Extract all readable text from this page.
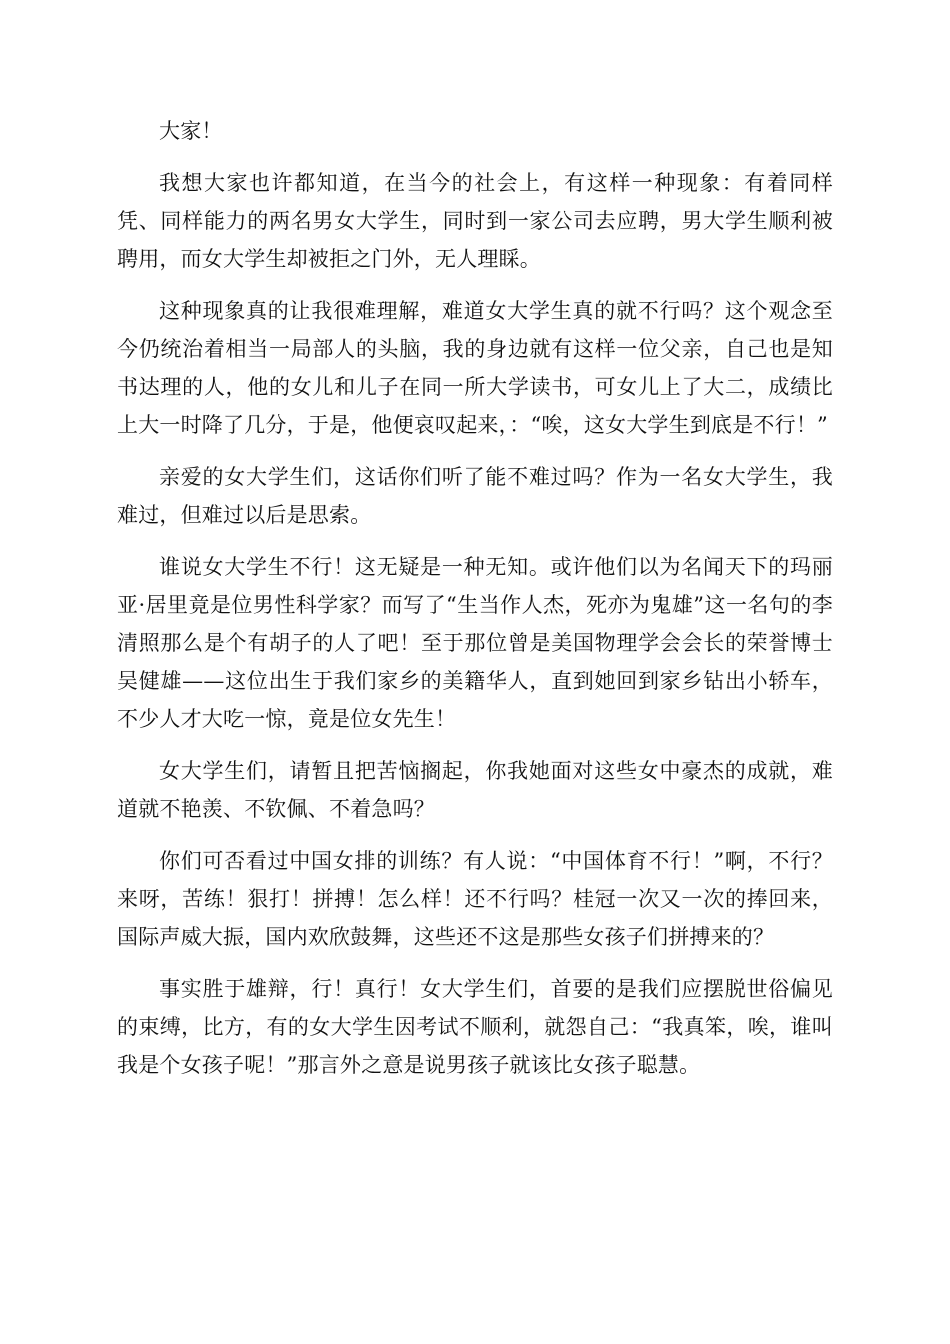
大家！

我想大家也许都知道，在当今的社会上，有这样一种现象：有着同样凭、同样能力的两名男女大学生，同时到一家公司去应聘，男大学生顺利被聘用，而女大学生却被拒之门外，无人理睬。

这种现象真的让我很难理解，难道女大学生真的就不行吗？这个观念至今仍统治着相当一局部人的头脑，我的身边就有这样一位父亲，自己也是知书达理的人，他的女儿和儿子在同一所大学读书，可女儿上了大二，成绩比上大一时降了几分，于是，他便哀叹起来，：“唉，这女大学生到底是不行！”

亲爱的女大学生们，这话你们听了能不难过吗？作为一名女大学生，我难过，但难过以后是思索。

谁说女大学生不行！这无疑是一种无知。或许他们以为名闻天下的玛丽亚·居里竟是位男性科学家？而写了“生当作人杰，死亦为鬼雄”这一名句的李清照那么是个有胡子的人了吧！至于那位曾是美国物理学会会长的荣誉博士吴健雄——这位出生于我们家乡的美籍华人，直到她回到家乡钻出小轿车，不少人才大吃一惊，竟是位女先生！

女大学生们，请暂且把苦恼搁起，你我她面对这些女中豪杰的成就，难道就不艳羡、不钦佩、不着急吗？

你们可否看过中国女排的训练？有人说：“中国体育不行！”啊，不行？来呀，苦练！狠打！拼搏！怎么样！还不行吗？桂冠一次又一次的捧回来，国际声威大振，国内欢欣鼓舞，这些还不这是那些女孩子们拼搏来的？

事实胜于雄辩，行！真行！女大学生们，首要的是我们应摆脱世俗偏见的束缚，比方，有的女大学生因考试不顺利，就怨自己：“我真笨，唉，谁叫我是个女孩子呢！”那言外之意是说男孩子就该比女孩子聪慧。
